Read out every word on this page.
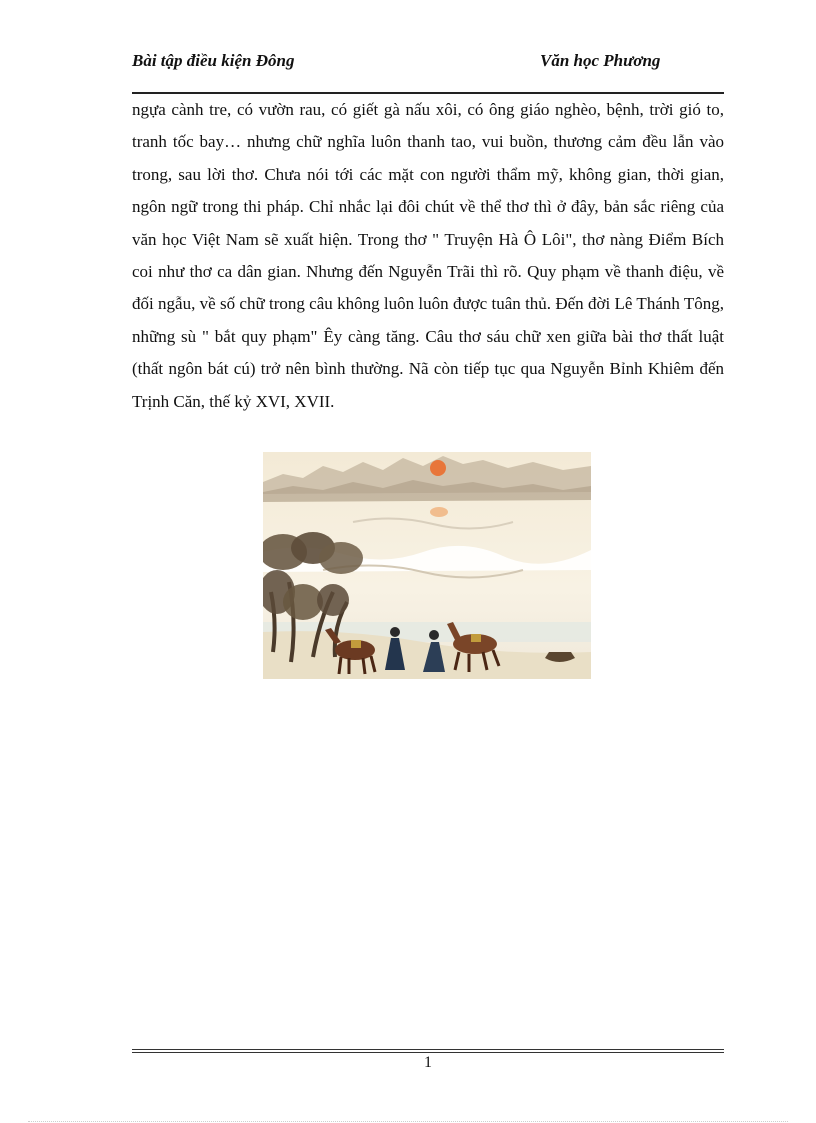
Bài tập điều kiện Đông	Văn học Phương

ngựa cành tre, có vườn rau, có giết gà nấu xôi, có ông giáo nghèo, bệnh, trời gió to, tranh tốc bay… nhưng chữ nghĩa luôn thanh tao, vui buồn, thương cảm đều lẫn vào trong, sau lời thơ. Chưa nói tới các mặt con người thẩm mỹ, không gian, thời gian, ngôn ngữ trong thi pháp. Chỉ nhắc lại đôi chút về thể thơ thì ở đây, bản sắc riêng của văn học Việt Nam sẽ xuất hiện. Trong thơ " Truyện Hà Ô Lôi", thơ nàng Điểm Bích coi như thơ ca dân gian. Nhưng đến Nguyễn Trãi thì rõ. Quy phạm về thanh điệu, về đối ngẫu, về số chữ trong câu không luôn luôn được tuân thủ. Đến đời Lê Thánh Tông, những sù " bắt quy phạm" Êy càng tăng. Câu thơ sáu chữ xen giữa bài thơ thất luật (thất ngôn bát cú) trở nên bình thường. Nã còn tiếp tục qua Nguyễn Bỉnh Khiêm đến Trịnh Căn, thế kỷ XVI, XVII.

1
